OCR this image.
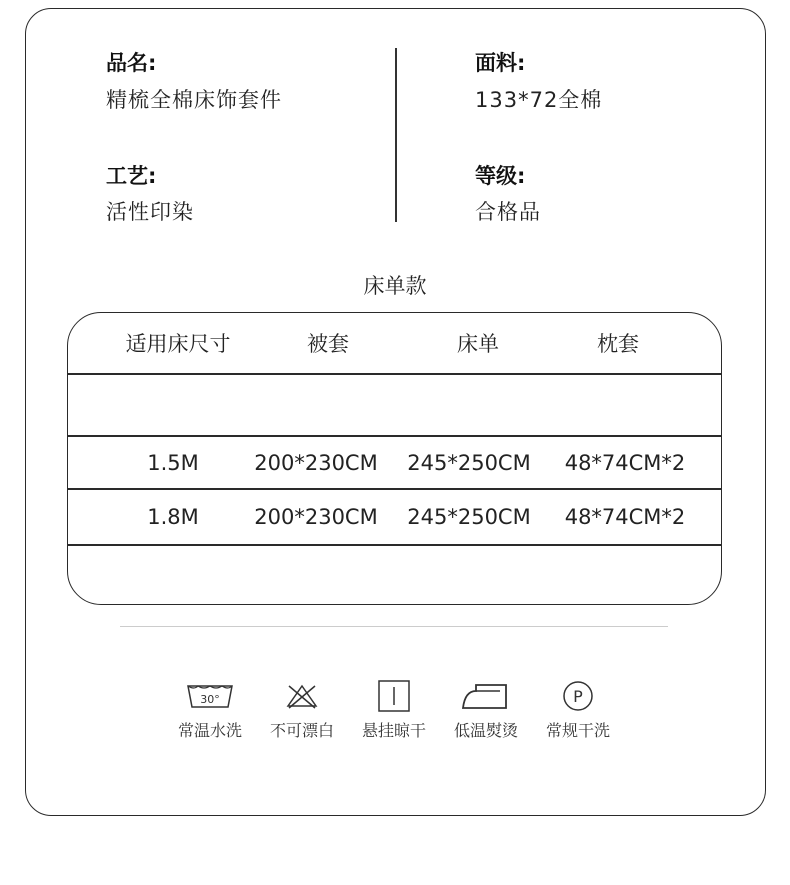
品名:
精梳全棉床饰套件
工艺:
活性印染
面料:
133*72全棉
等级:
合格品
床单款
适用床尺寸	被套	床单	枕套
1.5M	200*230CM 245*250CM 48*74CM*2
1.8M	200*230CM 245*250CM 48*74CM*2
30°
常温水洗	不可漂白	悬挂晾干	低温熨烫
P
常规干洗
